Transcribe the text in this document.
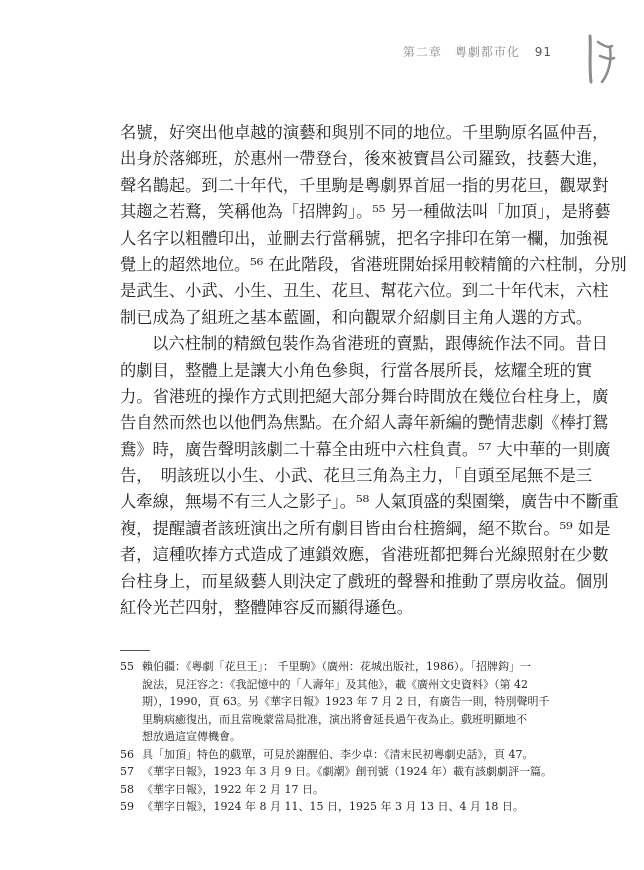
第二章　粵劇都市化 91
名號，好突出他卓越的演藝和與別不同的地位。千里駒原名區仲吾，
出身於落鄉班，於惠州一帶登台，後來被寶昌公司羅致，技藝大進，
聲名鵲起。到二十年代，千里駒是粵劇界首屈一指的男花旦，觀眾對
其趨之若鶩，笑稱他為「招牌鈎」。⁵⁵ 另一種做法叫「加頂」，是將藝
人名字以粗體印出，並刪去行當稱號，把名字排印在第一欄，加強視
覺上的超然地位。⁵⁶ 在此階段，省港班開始採用較精簡的六柱制，分別
是武生、小武、小生、丑生、花旦、幫花六位。到二十年代末，六柱
制已成為了組班之基本藍圖，和向觀眾介紹劇目主角人選的方式。
以六柱制的精緻包裝作為省港班的賣點，跟傳統作法不同。昔日
的劇目，整體上是讓大小角色參與，行當各展所長，炫耀全班的實
力。省港班的操作方式則把絕大部分舞台時間放在幾位台柱身上，廣
告自然而然也以他們為焦點。在介紹人壽年新編的艷情悲劇《棒打鴛
鴦》時，廣告聲明該劇二十幕全由班中六柱負責。⁵⁷ 大中華的一則廣
告，　明該班以小生、小武、花旦三角為主力，「自頭至尾無不是三
人牽線，無場不有三人之影子」。⁵⁸ 人氣頂盛的梨園樂，廣告中不斷重
複，提醒讀者該班演出之所有劇目皆由台柱擔綱，絕不欺台。⁵⁹ 如是
者，這種吹捧方式造成了連鎖效應，省港班都把舞台光線照射在少數
台柱身上，而星級藝人則決定了戲班的聲譽和推動了票房收益。個別
紅伶光芒四射，整體陣容反而顯得遜色。
55 賴伯疆：《粵劇「花旦王」： 千里駒》（廣州：花城出版社，1986）。「招牌鈎」一
說法，見汪容之：《我記憶中的「人壽年」及其他》，載《廣州文史資料》（第 42
期），1990，頁 63。另《華字日報》1923 年 7 月 2 日，有廣告一則，特別聲明千
里駒病癒復出，而且當晚蒙當局批准，演出將會延長過午夜為止。戲班明顯地不
想放過這宣傳機會。
56 具「加頂」特色的戲單，可見於謝醒伯、李少卓：《清末民初粵劇史話》，頁 47。
57 《華字日報》，1923 年 3 月 9 日。《劇潮》創刊號（1924 年）載有該劇劇評一篇。
58 《華字日報》，1922 年 2 月 17 日。
59 《華字日報》，1924 年 8 月 11、15 日，1925 年 3 月 13 日、4 月 18 日。
